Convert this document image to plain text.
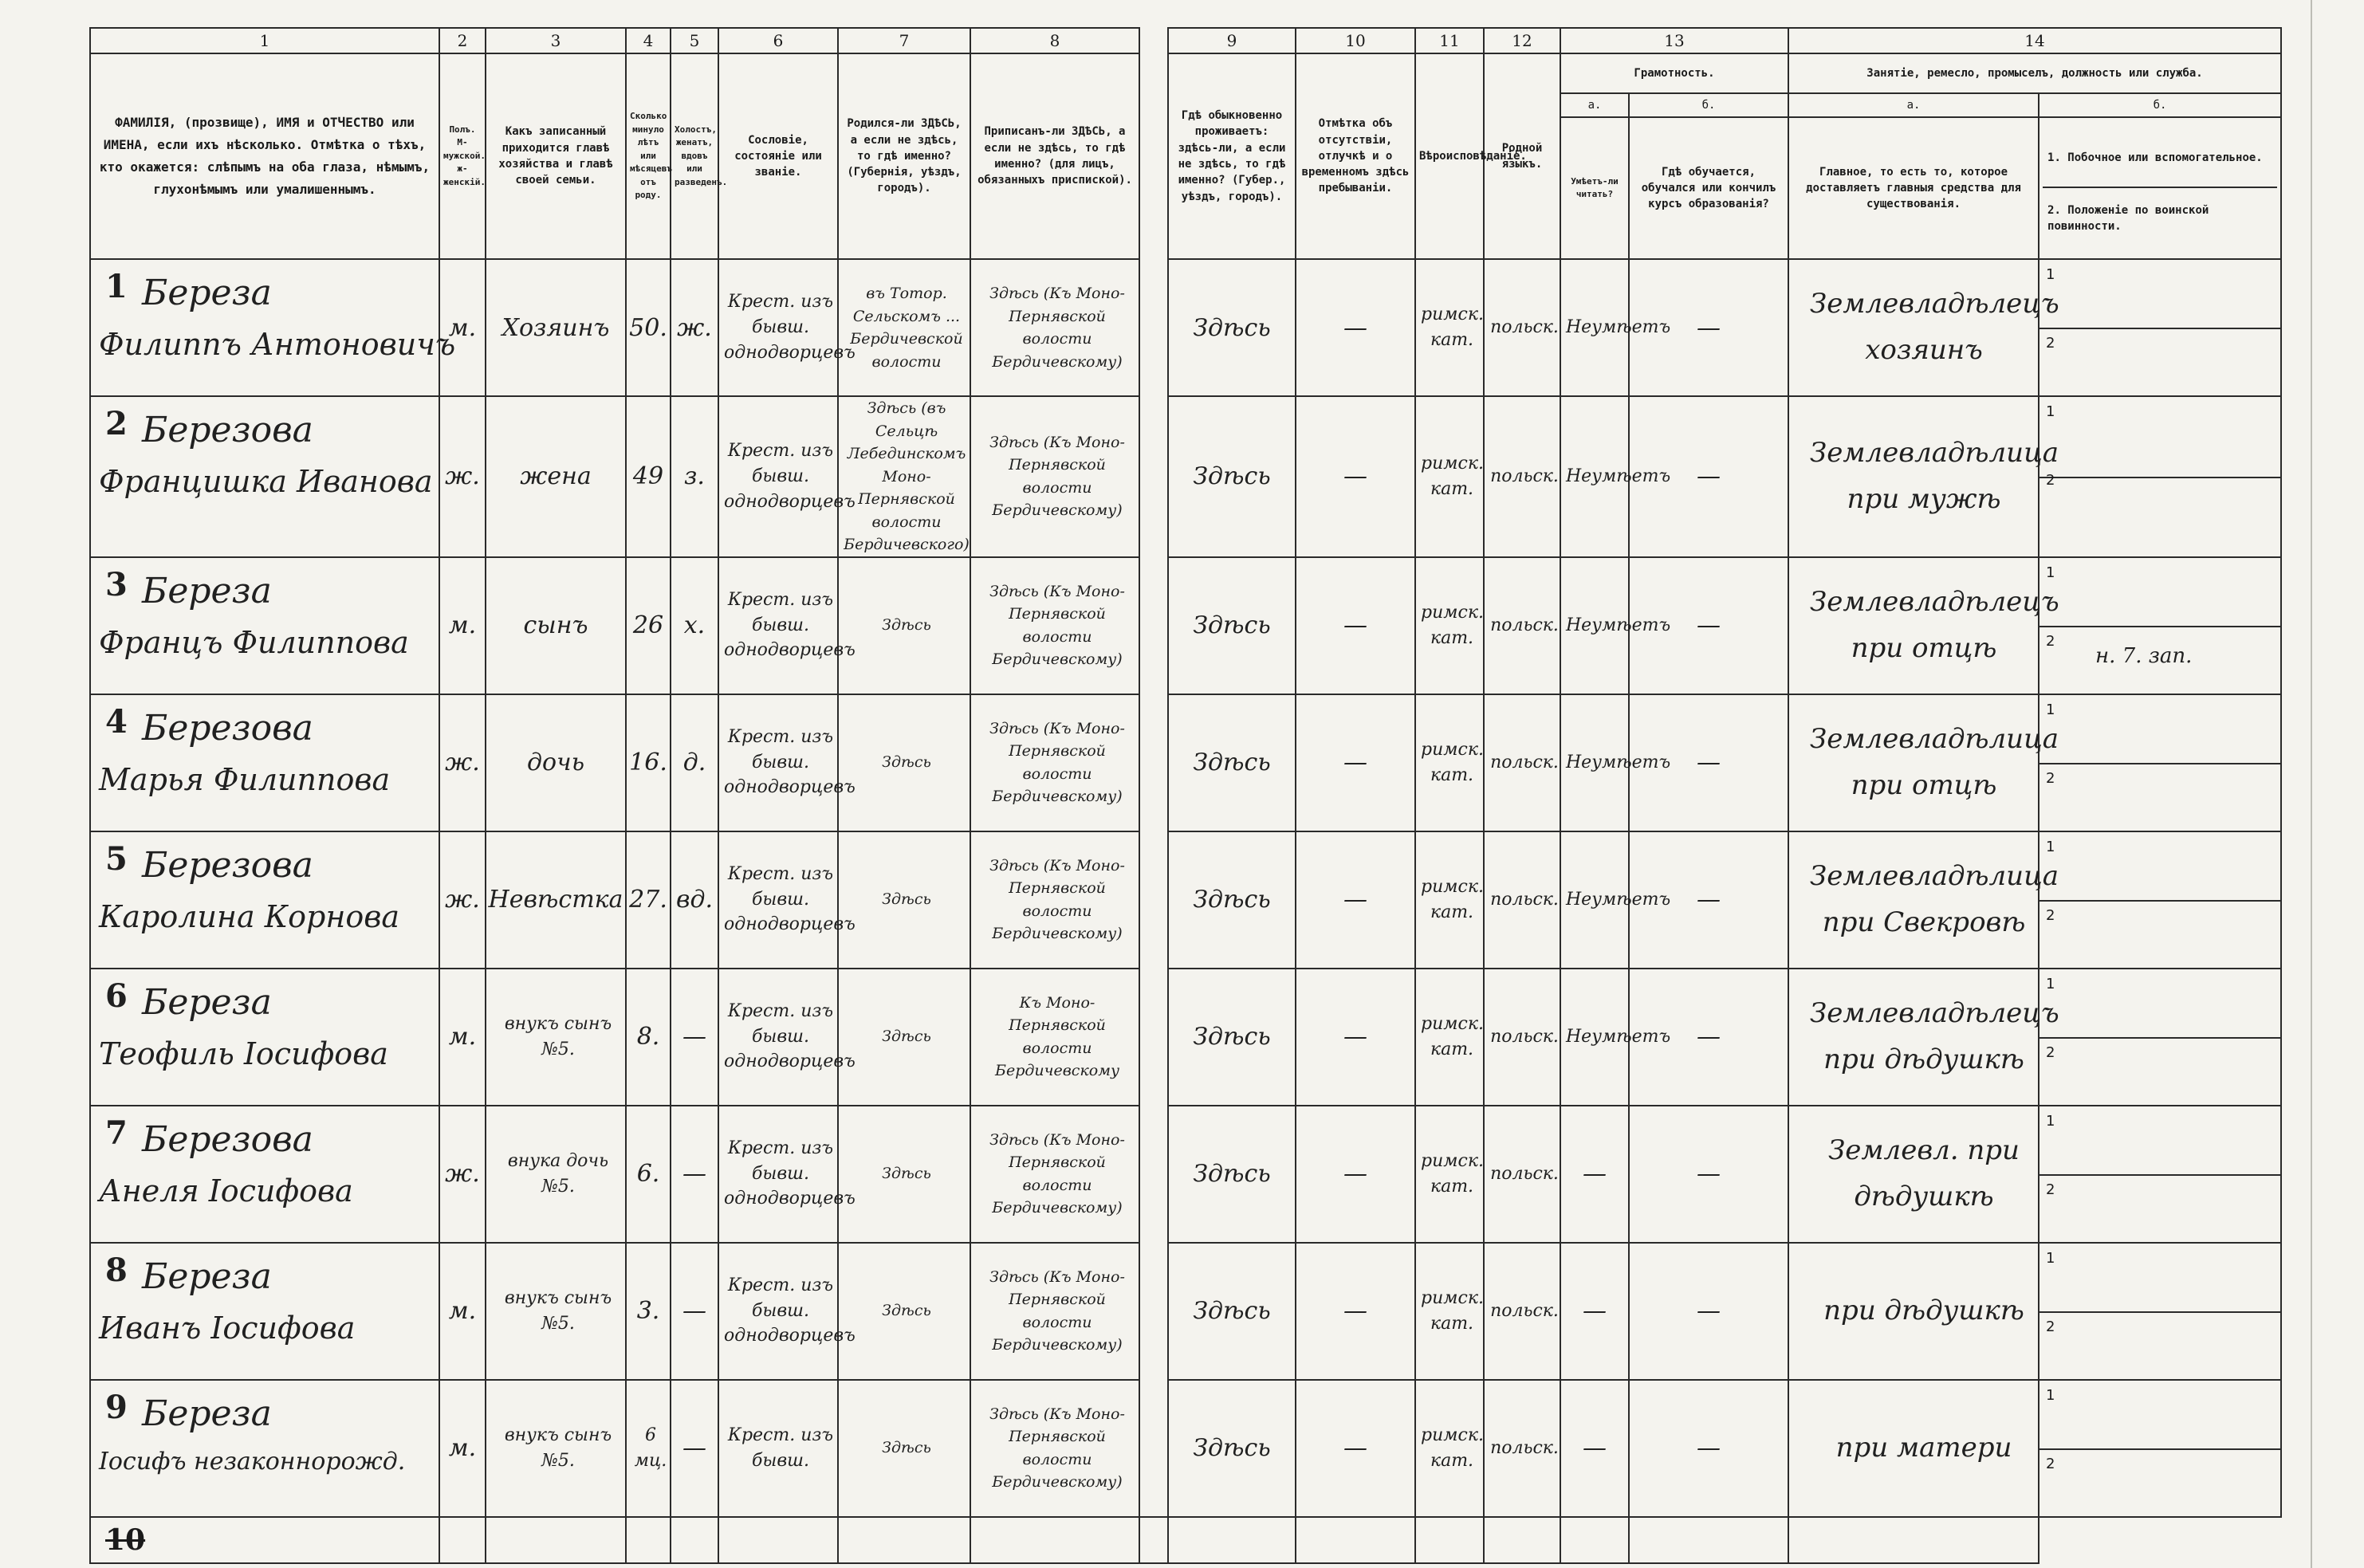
1	2	3	4	5	6	7	8		9	10	11	12	13		14	
ФАМИЛІЯ, (прозвище), ИМЯ и ОТЧЕСТВО или ИМЕНА, если ихъ нѣсколько. Отмѣтка о тѣхъ, кто окажется: слѣпымъ на оба глаза, нѣмымъ, глухонѣмымъ или умалишеннымъ.	Полъ. М-мужской. ж-женскій.	Какъ записанный приходится главѣ хозяйства и главѣ своей семьи.	Сколько минуло лѣтъ или мѣсяцевъ отъ роду.	Холостъ, женатъ, вдовъ или разведенъ.	Сословіе, состояніе или званіе.	Родился-ли ЗДѢСЬ, а если не здѣсь, то гдѣ именно? (Губернія, уѣздъ, городъ).	Приписанъ-ли ЗДѢСЬ, а если не здѣсь, то гдѣ именно? (для лицъ, обязанныхъ приспиской).		Гдѣ обыкновенно проживаетъ: здѣсь-ли, а если не здѣсь, то гдѣ именно? (Губер., уѣздъ, городъ).	Отмѣтка объ отсутствіи, отлучкѣ и о временномъ здѣсь пребываніи.	Вѣроисповѣданіе.	Родной языкъ.	Грамотность.		Занятіе, ремесло, промыселъ, должность или служба.	
													а.	б.	а.	б.
													Умѣетъ-ли читать?	Гдѣ обучается, обучался или кончилъ курсъ образованія?	Главное, то есть то, которое доставляетъ главныя средства для существованія.	1. Побочное или вспомогательное.
2. Положеніе по воинской повинности.

1 Береза
Филиппъ Антоновичъ	м.	Хозяинъ	50.	ж.	Крест. изъ бывш. однодворцевъ	въ Тотор. Сельскомъ ... Бердичевской волости	Здѣсь (Къ Моно-Пернявской волости Бердичевскому)		Здѣсь	—	римск. кат.	польск.	Неумѣетъ	—	Землевладѣлецъ хозяинъ	1
2

2 Березова
Францишка Иванова	ж.	жена	49	з.	Крест. изъ бывш. однодворцевъ	Здѣсь (въ Сельцѣ Лебединскомъ Моно-Пернявской волости Бердичевского)	Здѣсь (Къ Моно-Пернявской волости Бердичевскому)		Здѣсь	—	римск. кат.	польск.	Неумѣетъ	—	Землевладѣлица при мужѣ	1
2

3 Береза
Францъ Филиппова	м.	сынъ	26	х.	Крест. изъ бывш. однодворцевъ	Здѣсь	Здѣсь (Къ Моно-Пернявской волости Бердичевскому)		Здѣсь	—	римск. кат.	польск.	Неумѣетъ	—	Землевладѣлецъ при отцѣ	1
2
н. 7. зап.

4 Березова
Марья Филиппова	ж.	дочь	16.	д.	Крест. изъ бывш. однодворцевъ	Здѣсь	Здѣсь (Къ Моно-Пернявской волости Бердичевскому)		Здѣсь	—	римск. кат.	польск.	Неумѣетъ	—	Землевладѣлица при отцѣ	1
2

5 Березова
Каролина Корнова	ж.	Невѣстка	27.	вд.	Крест. изъ бывш. однодворцевъ	Здѣсь	Здѣсь (Къ Моно-Пернявской волости Бердичевскому)		Здѣсь	—	римск. кат.	польск.	Неумѣетъ	—	Землевладѣлица при Свекровѣ	1
2

6 Береза
Теофиль Іосифова	м.	внукъ сынъ №5.	8.	—	Крест. изъ бывш. однодворцевъ	Здѣсь	Къ Моно-Пернявской волости Бердичевскому		Здѣсь	—	римск. кат.	польск.	Неумѣетъ	—	Землевладѣлецъ при дѣдушкѣ	1
2

7 Березова
Анеля Іосифова	ж.	внука дочь №5.	6.	—	Крест. изъ бывш. однодворцевъ	Здѣсь	Здѣсь (Къ Моно-Пернявской волости Бердичевскому)		Здѣсь	—	римск. кат.	польск.	—	—	Землевл. при дѣдушкѣ	1
2

8 Береза
Иванъ Іосифова	м.	внукъ сынъ №5.	3.	—	Крест. изъ бывш. однодворцевъ	Здѣсь	Здѣсь (Къ Моно-Пернявской волости Бердичевскому)		Здѣсь	—	римск. кат.	польск.	—	—	при дѣдушкѣ	1
2

9 Береза
Іосифъ незаконнорожд.	м.	внукъ сынъ №5.	6 мц.	—	Крест. изъ бывш.	Здѣсь	Здѣсь (Къ Моно-Пернявской волости Бердичевскому)		Здѣсь	—	римск. кат.	польск.	—	—	при матери	1
2

10																
